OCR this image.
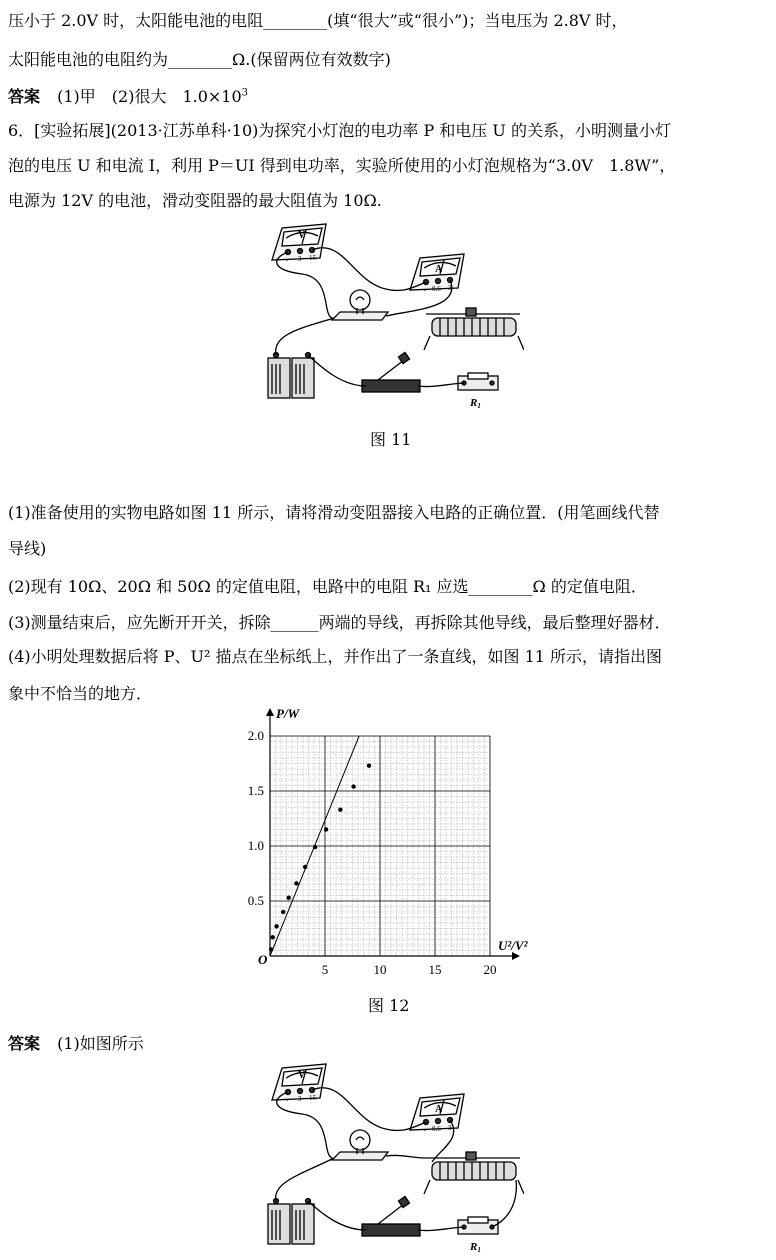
压小于 2.0V 时，太阳能电池的电阻________(填“很大”或“很小”)；当电压为 2.8V 时，
太阳能电池的电阻约为________Ω.(保留两位有效数字)
答案 (1)甲　(2)很大　$1.0\times 10^3$
6．[实验拓展](2013·江苏单科·10)为探究小灯泡的电功率 P 和电压 U 的关系，小明测量小灯
泡的电压 U 和电流 I，利用 P＝UI 得到电功率，实验所使用的小灯泡规格为“3.0V　1.8W”，
电源为 12V 的电池，滑动变阻器的最大阻值为 10Ω.
V
- 3 15
A
- 0.6 3
R1
图 11
(1)准备使用的实物电路如图 11 所示，请将滑动变阻器接入电路的正确位置．(用笔画线代替
导线)
(2)现有 10Ω、20Ω 和 50Ω 的定值电阻，电路中的电阻 R₁ 应选________Ω 的定值电阻．
(3)测量结束后，应先断开开关，拆除______两端的导线，再拆除其他导线，最后整理好器材．
(4)小明处理数据后将 P、U² 描点在坐标纸上，并作出了一条直线，如图 11 所示，请指出图
象中不恰当的地方．
5	10	15	20
0.5
1.0
1.5
2.0
P/W
U²/V²
O
图 12
答案 (1)如图所示
V
- 3 15
A
- 0.6 3
R1
